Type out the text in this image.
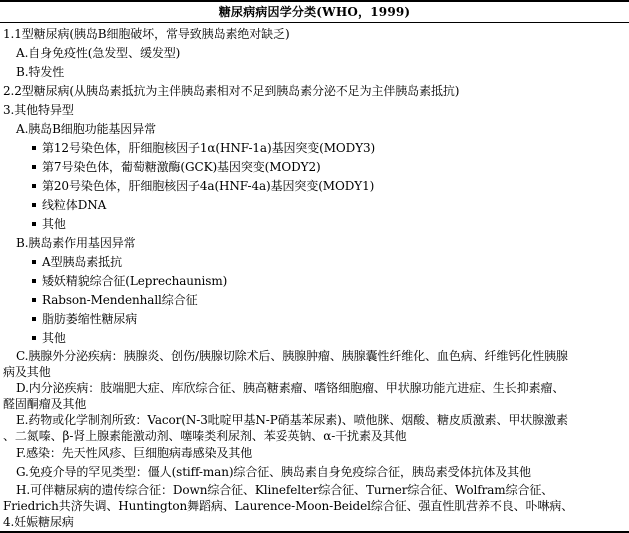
糖尿病病因学分类(WHO，1999)
1.1型糖尿病(胰岛B细胞破坏，常导致胰岛素绝对缺乏)
A.自身免疫性(急发型、缓发型)
B.特发性
2.2型糖尿病(从胰岛素抵抗为主伴胰岛素相对不足到胰岛素分泌不足为主伴胰岛素抵抗)
3.其他特异型
A.胰岛B细胞功能基因异常
第12号染色体，肝细胞核因子1α(HNF-1a)基因突变(MODY3)
第7号染色体，葡萄糖激酶(GCK)基因突变(MODY2)
第20号染色体，肝细胞核因子4a(HNF-4a)基因突变(MODY1)
线粒体DNA
其他
B.胰岛素作用基因异常
A型胰岛素抵抗
矮妖精貌综合征(Leprechaunism)
Rabson-Mendenhall综合征
脂肪萎缩性糖尿病
其他
C.胰腺外分泌疾病：胰腺炎、创伤/胰腺切除术后、胰腺肿瘤、胰腺囊性纤维化、血色病、纤维钙化性胰腺
病及其他
D.内分泌疾病：肢端肥大症、库欣综合征、胰高糖素瘤、嗜铬细胞瘤、甲状腺功能亢进症、生长抑素瘤、
醛固酮瘤及其他
E.药物或化学制剂所致：Vacor(N-3吡啶甲基N-P硝基苯尿素)、喷他脒、烟酸、糖皮质激素、甲状腺激素
、二氮嗪、β-肾上腺素能激动剂、噻嗪类利尿剂、苯妥英钠、α-干扰素及其他
F.感染：先天性风疹、巨细胞病毒感染及其他
G.免疫介导的罕见类型：僵人(stiff-man)综合征、胰岛素自身免疫综合征，胰岛素受体抗体及其他
H.可伴糖尿病的遗传综合征：Down综合征、Klinefelter综合征、Turner综合征、Wolfram综合征、
Friedrich共济失调、Huntington舞蹈病、Laurence-Moon-Beidel综合征、强直性肌营养不良、卟啉病、
4.妊娠糖尿病
